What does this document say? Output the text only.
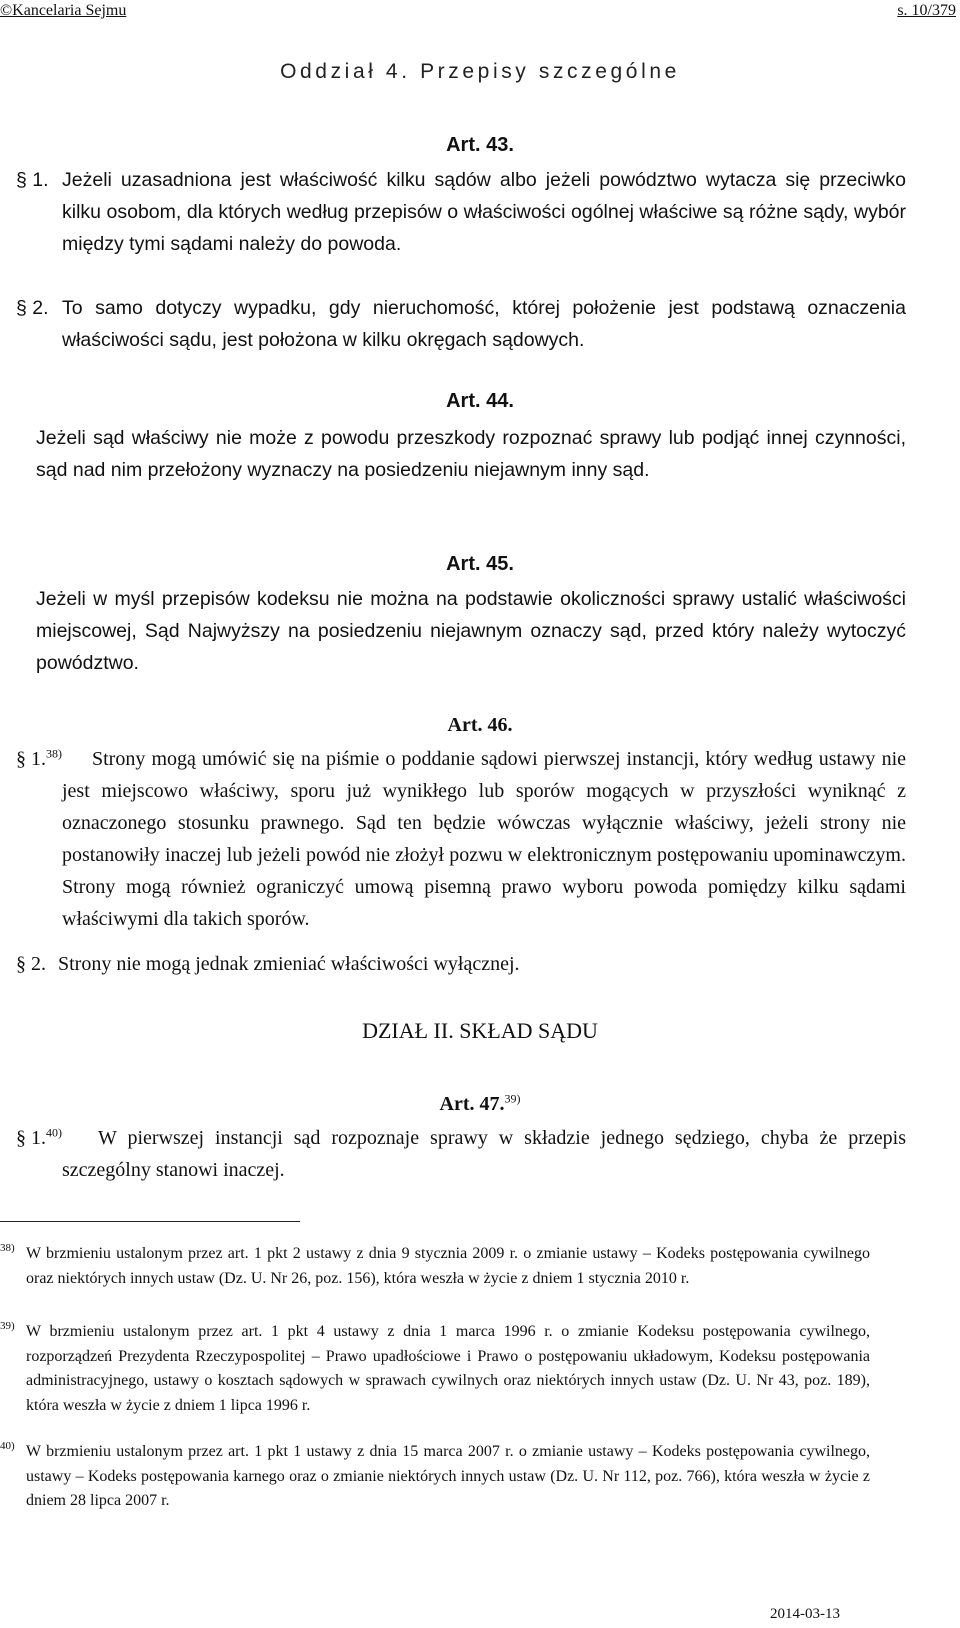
©Kancelaria Sejmu	s. 10/379
Oddział 4. Przepisy szczególne
Art. 43.
§ 1. Jeżeli uzasadniona jest właściwość kilku sądów albo jeżeli powództwo wytacza się przeciwko kilku osobom, dla których według przepisów o właściwości ogólnej właściwe są różne sądy, wybór między tymi sądami należy do powoda.
§ 2. To samo dotyczy wypadku, gdy nieruchomość, której położenie jest podstawą oznaczenia właściwości sądu, jest położona w kilku okręgach sądowych.
Art. 44.
Jeżeli sąd właściwy nie może z powodu przeszkody rozpoznać sprawy lub podjąć innej czynności, sąd nad nim przełożony wyznaczy na posiedzeniu niejawnym inny sąd.
Art. 45.
Jeżeli w myśl przepisów kodeksu nie można na podstawie okoliczności sprawy ustalić właściwości miejscowej, Sąd Najwyższy na posiedzeniu niejawnym oznaczy sąd, przed który należy wytoczyć powództwo.
Art. 46.
§ 1.$^{38)}$	Strony mogą umówić się na piśmie o poddanie sądowi pierwszej instancji, który według ustawy nie jest miejscowo właściwy, sporu już wynikłego lub sporów mogących w przyszłości wyniknąć z oznaczonego stosunku prawnego. Sąd ten będzie wówczas wyłącznie właściwy, jeżeli strony nie postanowiły inaczej lub jeżeli powód nie złożył pozwu w elektronicznym postępowaniu upominawczym. Strony mogą również ograniczyć umową pisemną prawo wyboru powoda pomiędzy kilku sądami właściwymi dla takich sporów.
§ 2. Strony nie mogą jednak zmieniać właściwości wyłącznej.
DZIAŁ II. SKŁAD SĄDU
Art. 47.$^{39)}$
§ 1.$^{40)}$	W pierwszej instancji sąd rozpoznaje sprawy w składzie jednego sędziego, chyba że przepis szczególny stanowi inaczej.
38) W brzmieniu ustalonym przez art. 1 pkt 2 ustawy z dnia 9 stycznia 2009 r. o zmianie ustawy – Kodeks postępowania cywilnego oraz niektórych innych ustaw (Dz. U. Nr 26, poz. 156), która weszła w życie z dniem 1 stycznia 2010 r.
39) W brzmieniu ustalonym przez art. 1 pkt 4 ustawy z dnia 1 marca 1996 r. o zmianie Kodeksu postępowania cywilnego, rozporządzeń Prezydenta Rzeczypospolitej – Prawo upadłościowe i Prawo o postępowaniu układowym, Kodeksu postępowania administracyjnego, ustawy o kosztach sądowych w sprawach cywilnych oraz niektórych innych ustaw (Dz. U. Nr 43, poz. 189), która weszła w życie z dniem 1 lipca 1996 r.
40) W brzmieniu ustalonym przez art. 1 pkt 1 ustawy z dnia 15 marca 2007 r. o zmianie ustawy – Kodeks postępowania cywilnego, ustawy – Kodeks postępowania karnego oraz o zmianie niektórych innych ustaw (Dz. U. Nr 112, poz. 766), która weszła w życie z dniem 28 lipca 2007 r.
2014-03-13
